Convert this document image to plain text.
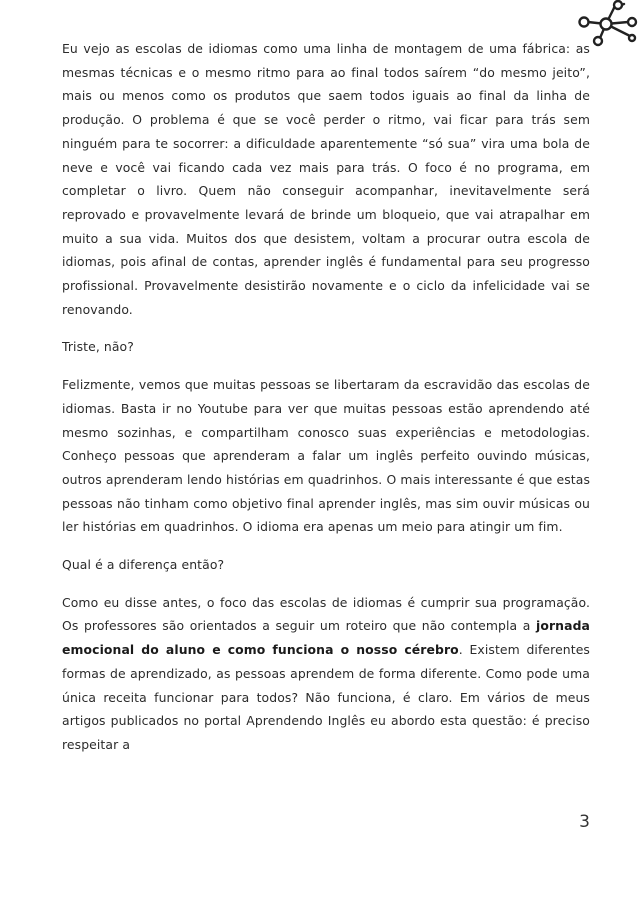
Eu vejo as escolas de idiomas como uma linha de montagem de uma fábrica: as mesmas técnicas e o mesmo ritmo para ao final todos saírem “do mesmo jeito”, mais ou menos como os produtos que saem todos iguais ao final da linha de produção. O problema é que se você perder o ritmo, vai ficar para trás sem ninguém para te socorrer: a dificuldade aparentemente “só sua” vira uma bola de neve e você vai ficando cada vez mais para trás. O foco é no programa, em completar o livro. Quem não conseguir acompanhar, inevitavelmente será reprovado e provavelmente levará de brinde um bloqueio, que vai atrapalhar em muito a sua vida. Muitos dos que desistem, voltam a procurar outra escola de idiomas, pois afinal de contas, aprender inglês é fundamental para seu progresso profissional. Provavelmente desistirão novamente e o ciclo da infelicidade vai se renovando.

Triste, não?

Felizmente, vemos que muitas pessoas se libertaram da escravidão das escolas de idiomas. Basta ir no Youtube para ver que muitas pessoas estão aprendendo até mesmo sozinhas, e compartilham conosco suas experiências e metodologias. Conheço pessoas que aprenderam a falar um inglês perfeito ouvindo músicas, outros aprenderam lendo histórias em quadrinhos. O mais interessante é que estas pessoas não tinham como objetivo final aprender inglês, mas sim ouvir músicas ou ler histórias em quadrinhos. O idioma era apenas um meio para atingir um fim.

Qual é a diferença então?

Como eu disse antes, o foco das escolas de idiomas é cumprir sua programação. Os professores são orientados a seguir um roteiro que não contempla a jornada emocional do aluno e como funciona o nosso cérebro. Existem diferentes formas de aprendizado, as pessoas aprendem de forma diferente. Como pode uma única receita funcionar para todos? Não funciona, é claro. Em vários de meus artigos publicados no portal Aprendendo Inglês eu abordo esta questão: é preciso respeitar a

3
